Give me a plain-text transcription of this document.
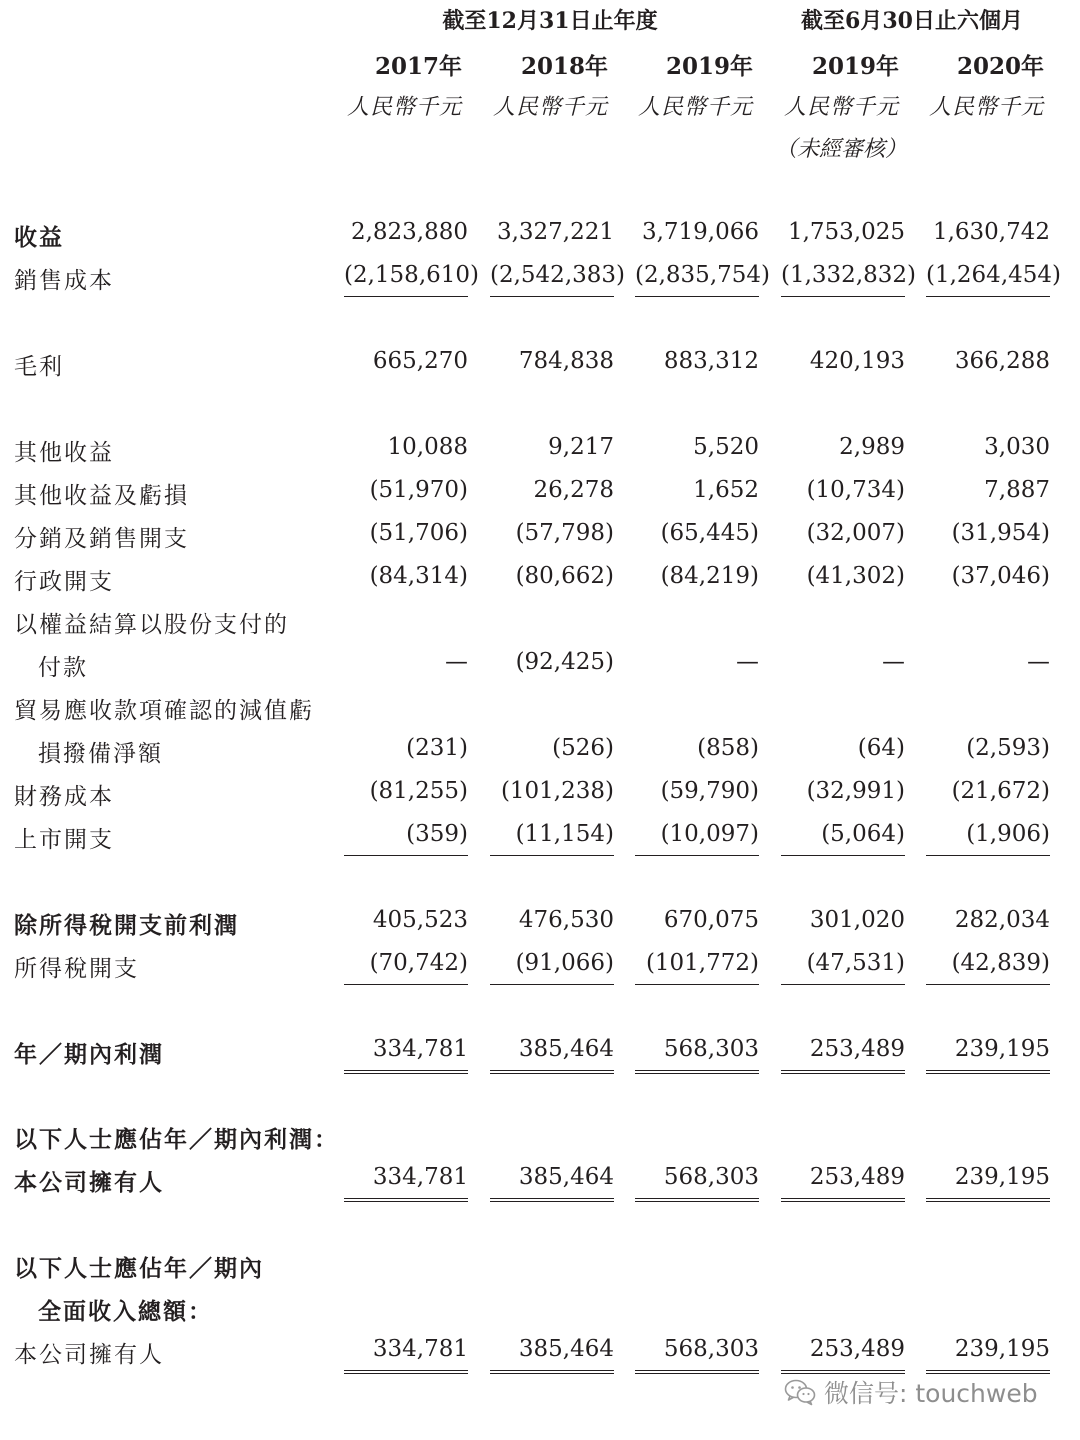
截至12月31日止年度	截至6月30日止六個月
2017年	2018年	2019年	2019年	2020年
人民幣千元	人民幣千元	人民幣千元	人民幣千元	人民幣千元
（未經審核）
收益	2,823,880	3,327,221	3,719,066	1,753,025	1,630,742
銷售成本	(2,158,610) (2,542,383) (2,835,754) (1,332,832) (1,264,454)
毛利	665,270	784,838	883,312	420,193	366,288
其他收益	10,088	9,217	5,520	2,989	3,030
其他收益及虧損	(51,970)	26,278	1,652	(10,734)	7,887
分銷及銷售開支	(51,706)	(57,798)	(65,445)	(32,007)	(31,954)
行政開支	(84,314)	(80,662)	(84,219)	(41,302)	(37,046)
以權益結算以股份支付的
付款	—	(92,425)	—	—	—
貿易應收款項確認的減值虧
損撥備淨額	(231)	(526)	(858)	(64)	(2,593)
財務成本	(81,255)	(101,238)	(59,790)	(32,991)	(21,672)
上市開支	(359)	(11,154)	(10,097)	(5,064)	(1,906)
除所得稅開支前利潤	405,523	476,530	670,075	301,020	282,034
所得稅開支	(70,742)	(91,066)	(101,772)	(47,531)	(42,839)
年／期內利潤	334,781	385,464	568,303	253,489	239,195
以下人士應佔年／期內利潤：
本公司擁有人	334,781	385,464	568,303	253,489	239,195
以下人士應佔年／期內
全面收入總額：
本公司擁有人	334,781	385,464	568,303	253,489	239,195
微信号: touchweb
